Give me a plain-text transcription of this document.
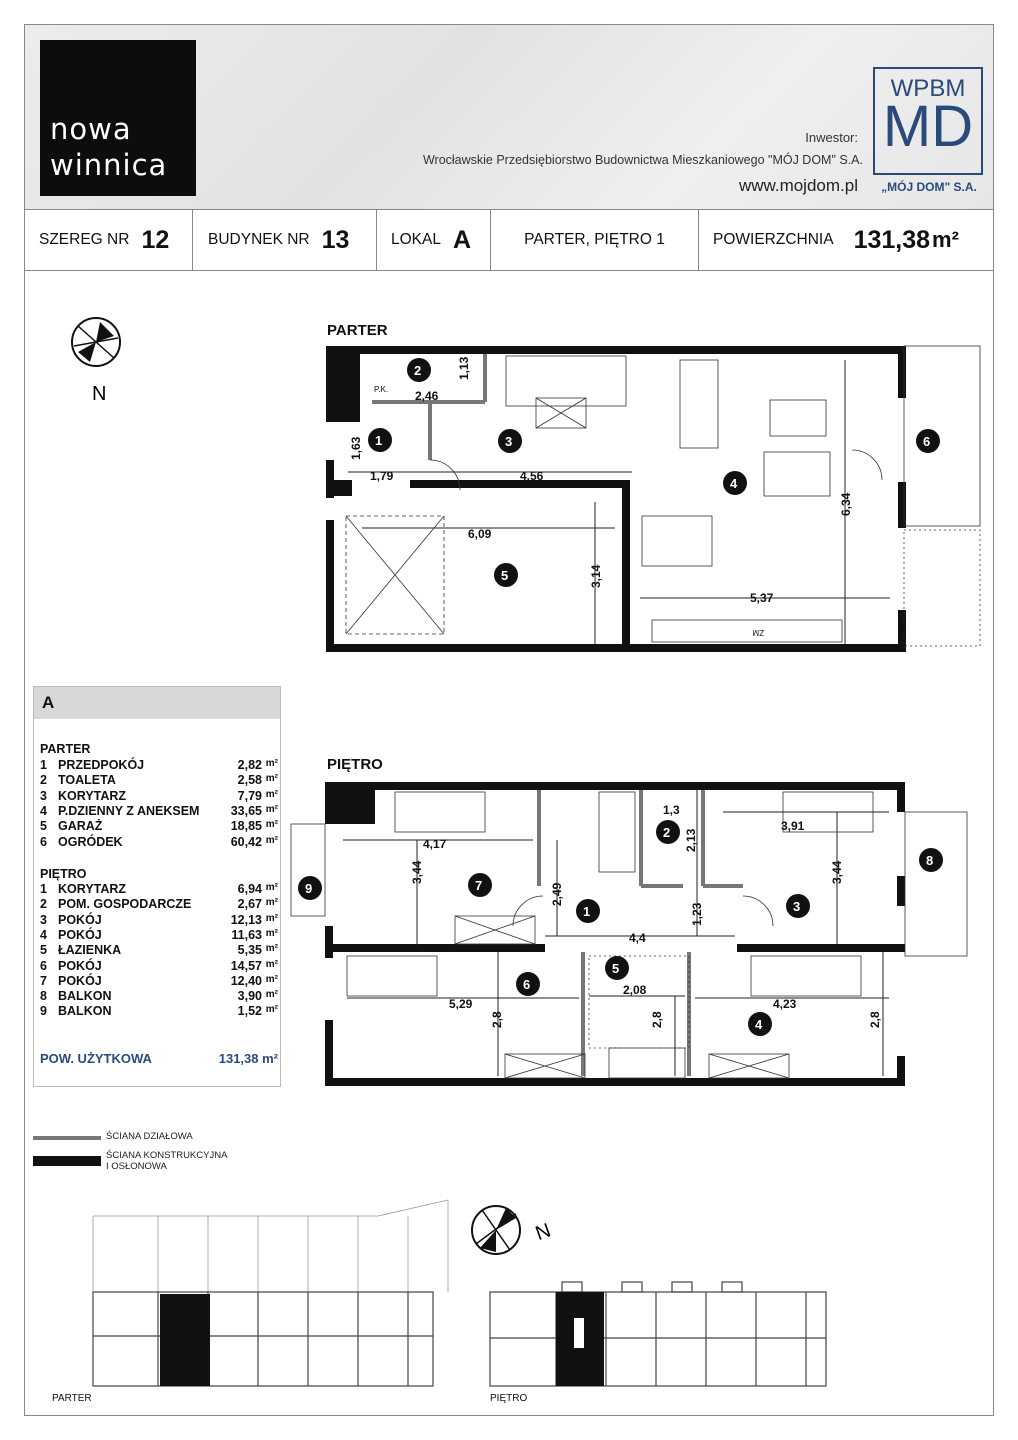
nowa
winnica
Inwestor:
Wrocławskie Przedsiębiorstwo Budownictwa Mieszkaniowego "MÓJ DOM" S.A.
www.mojdom.pl
WPBM
MD
„MÓJ DOM" S.A.
SZEREG NR 12	BUDYNEK NR 13	LOKAL A	PARTER, PIĘTRO 1	POWIERZCHNIA 131,38 m²
N
PARTER
PIĘTRO
2,46
1,13
1,63
1,79	4,56
6,34
6,09
3,14
5,37
P.K.
ZM
1
2
3
4
5
6
A
PARTER
1 PRZEDPOKÓJ	2,82 m²
2 TOALETA	2,58 m²
3 KORYTARZ	7,79 m²
4 P.DZIENNY Z ANEKSEM	33,65 m²
5 GARAŻ	18,85 m²
6 OGRÓDEK	60,42 m²
PIĘTRO
1 KORYTARZ	6,94 m²
2 POM. GOSPODARCZE	2,67 m²
3 POKÓJ	12,13 m²
4 POKÓJ	11,63 m²
5 ŁAZIENKA	5,35 m²
6 POKÓJ	14,57 m²
7 POKÓJ	12,40 m²
8 BALKON	3,90 m²
9 BALKON	1,52 m²
POW. UŻYTKOWA	131,38 m²
1,3
2,13
3,91
4,17
3,44	3,44
2,49
1,23
4,4
2,08
5,29
2,8	2,8
4,23
2,8
1
2
3
4
5
6
7
8
9
ŚCIANA DZIAŁOWA
ŚCIANA KONSTRUKCYJNA
I OSŁONOWA
N
PARTER	PIĘTRO
